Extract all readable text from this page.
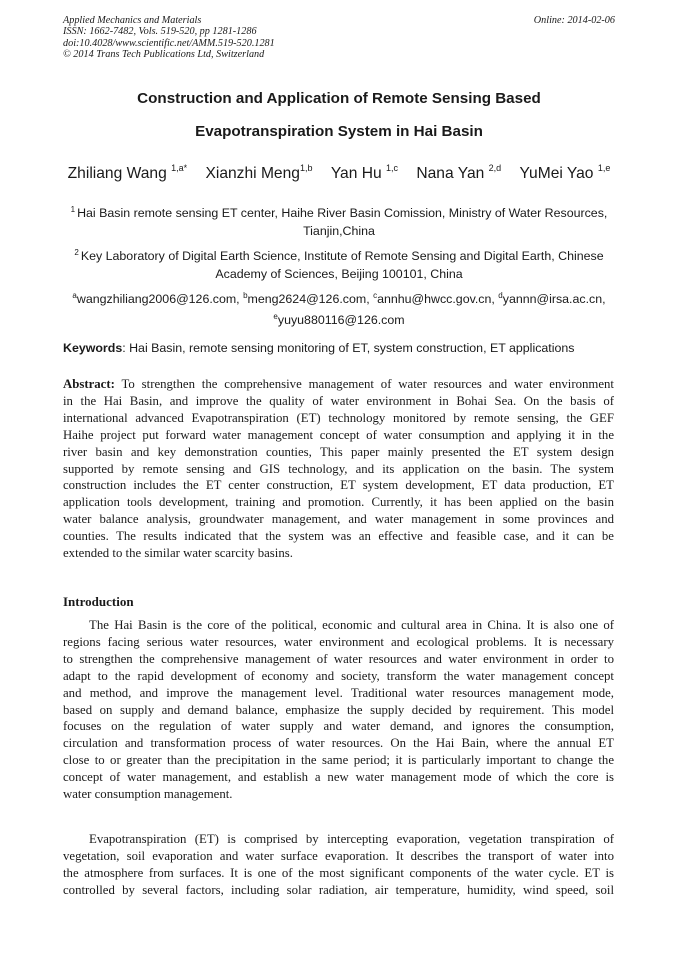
Applied Mechanics and Materials
ISSN: 1662-7482, Vols. 519-520, pp 1281-1286
doi:10.4028/www.scientific.net/AMM.519-520.1281
© 2014 Trans Tech Publications Ltd, Switzerland
Online: 2014-02-06
Construction and Application of Remote Sensing Based
Evapotranspiration System in Hai Basin
Zhiliang Wang $^{1,a*}$ Xianzhi Meng$^{1,b}$ Yan Hu $^{1,c}$ Nana Yan $^{2,d}$ YuMei Yao $^{1,e}$
$^1$ Hai Basin remote sensing ET center, Haihe River Basin Comission, Ministry of Water Resources,
Tianjin,China
$^2$ Key Laboratory of Digital Earth Science, Institute of Remote Sensing and Digital Earth, Chinese
Academy of Sciences, Beijing 100101, China
$^a$wangzhiliang2006@126.com, $^b$meng2624@126.com, $^c$annhu@hwcc.gov.cn, $^d$yannn@irsa.ac.cn,
$^e$yuyu880116@126.com
Keywords: Hai Basin, remote sensing monitoring of ET, system construction, ET applications
Abstract: To strengthen the comprehensive management of water resources and water environment
in the Hai Basin, and improve the quality of water environment in Bohai Sea. On the basis of
international advanced Evapotranspiration (ET) technology monitored by remote sensing, the GEF
Haihe project put forward water management concept of water consumption and applying it in the
river basin and key demonstration counties, This paper mainly presented the ET system design
supported by remote sensing and GIS technology, and its application on the basin. The system
construction includes the ET center construction, ET system development, ET data production, ET
application tools development, training and promotion. Currently, it has been applied on the basin
water balance analysis, groundwater management, and water management in some provinces and
counties. The results indicated that the system was an effective and feasible case, and it can be
extended to the similar water scarcity basins.
Introduction
The Hai Basin is the core of the political, economic and cultural area in China. It is also one of
regions facing serious water resources, water environment and ecological problems. It is necessary
to strengthen the comprehensive management of water resources and water environment in order to
adapt to the rapid development of economy and society, transform the water management concept
and method, and improve the management level. Traditional water resources management mode,
based on supply and demand balance, emphasize the supply decided by requirement. This model
focuses on the regulation of water supply and water demand, and ignores the consumption,
circulation and transformation process of water resources. On the Hai Bain, where the annual ET
close to or greater than the precipitation in the same period; it is particularly important to change the
concept of water management, and establish a new water management mode of which the core is
water consumption management.
Evapotranspiration (ET) is comprised by intercepting evaporation, vegetation transpiration of
vegetation, soil evaporation and water surface evaporation. It describes the transport of water into
the atmosphere from surfaces. It is one of the most significant components of the water cycle. ET is
controlled by several factors, including solar radiation, air temperature, humidity, wind speed, soil
